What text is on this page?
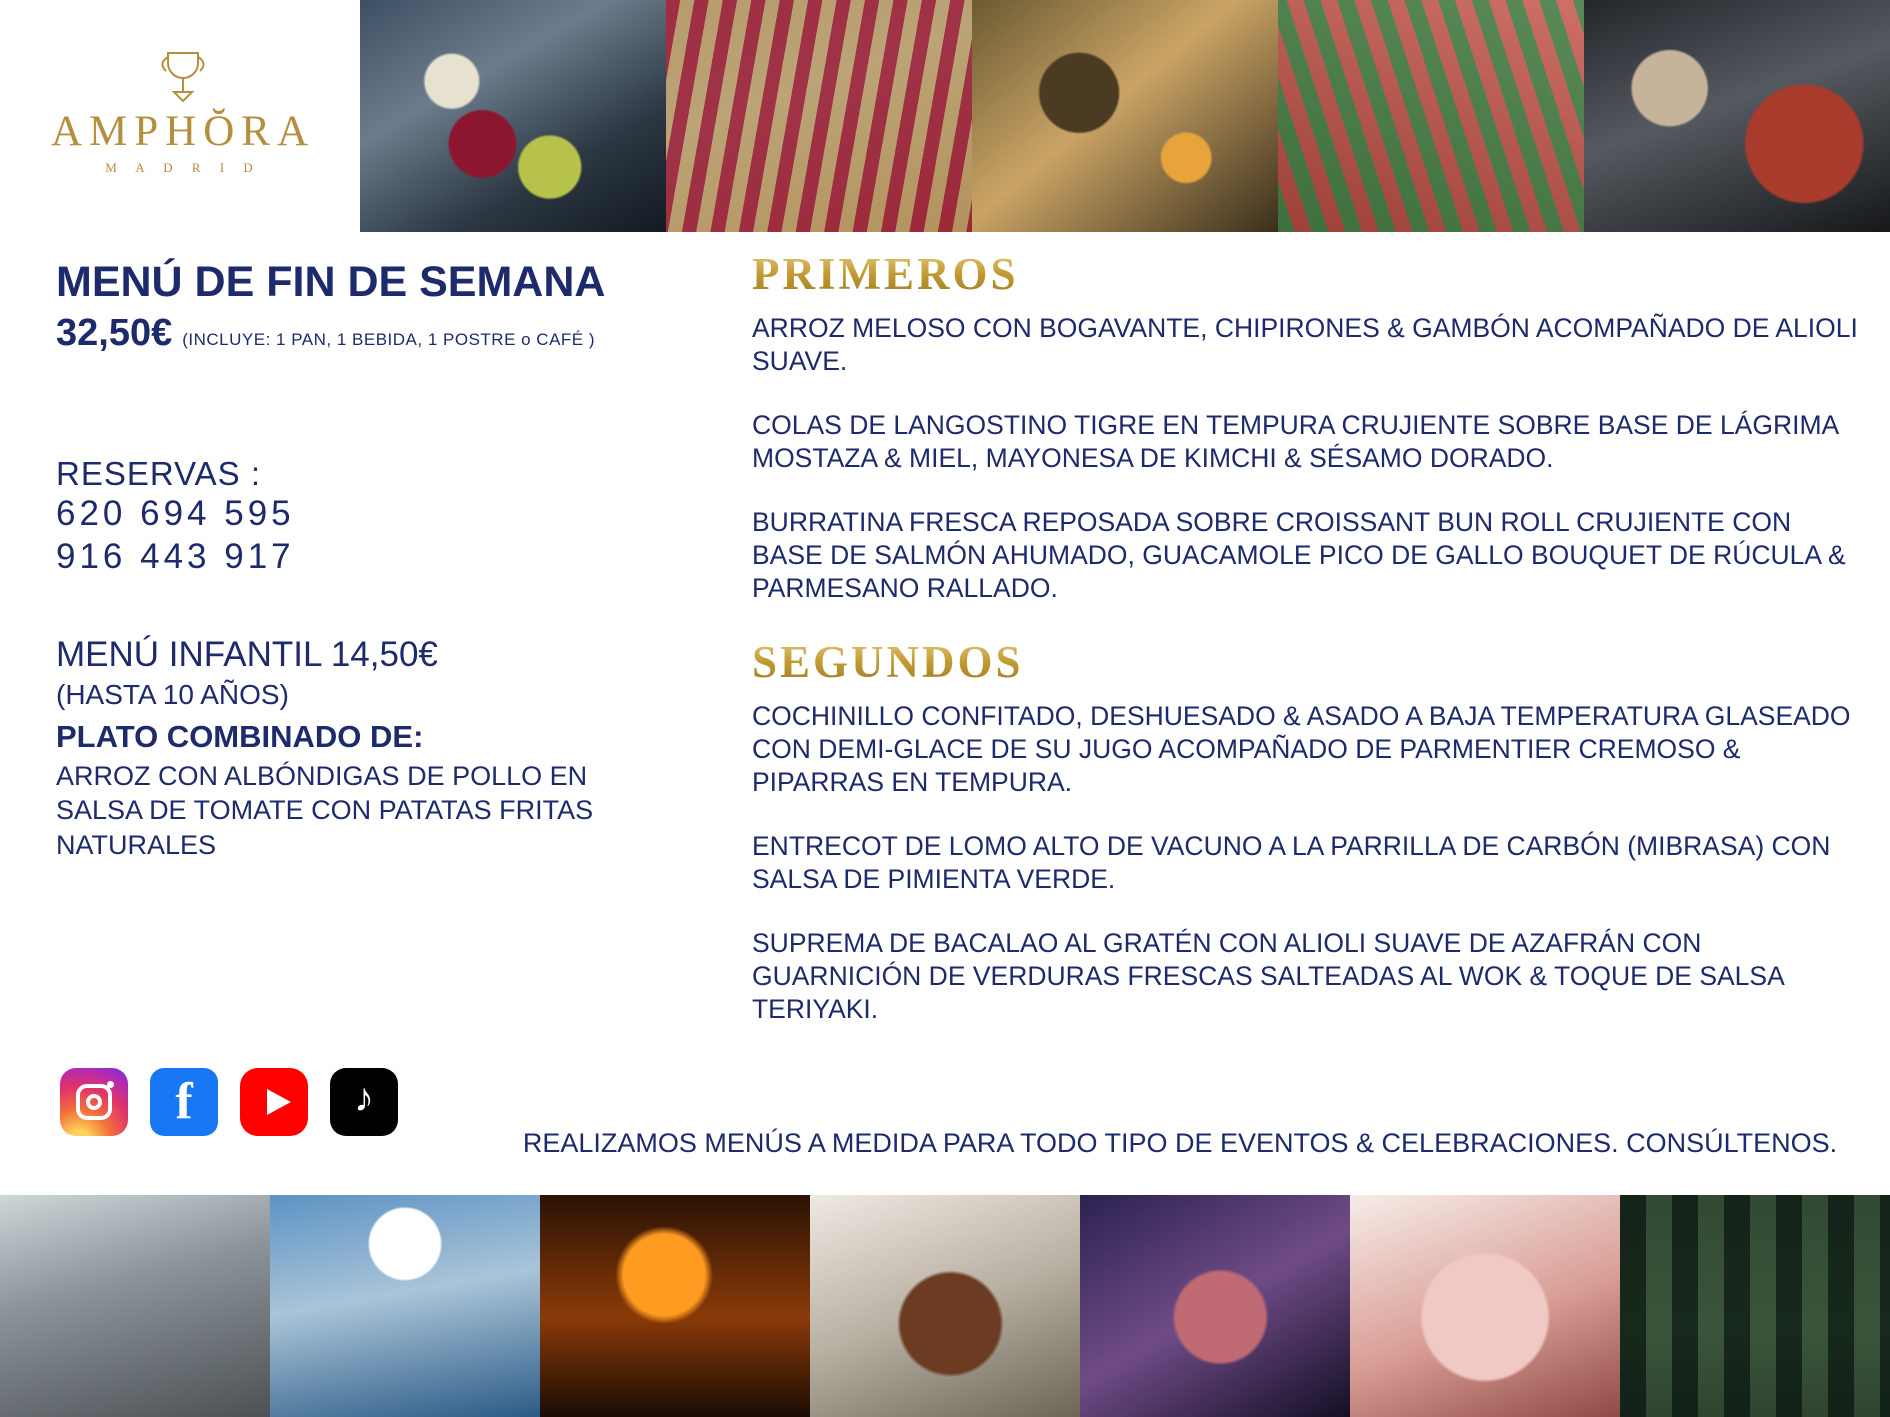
AMPHŎRA
M A D R I D
MENÚ DE FIN DE SEMANA
32,50€ (INCLUYE: 1 PAN, 1 BEBIDA, 1 POSTRE o CAFÉ )
RESERVAS :
620 694 595
916 443 917
MENÚ INFANTIL 14,50€
(HASTA 10 AÑOS)
PLATO COMBINADO DE:
ARROZ CON ALBÓNDIGAS DE POLLO EN SALSA DE TOMATE CON PATATAS FRITAS NATURALES
f	♪
PRIMEROS

ARROZ MELOSO CON BOGAVANTE, CHIPIRONES & GAMBÓN ACOMPAÑADO DE ALIOLI SUAVE.

COLAS DE LANGOSTINO TIGRE EN TEMPURA CRUJIENTE SOBRE BASE DE LÁGRIMA MOSTAZA & MIEL, MAYONESA DE KIMCHI & SÉSAMO DORADO.

BURRATINA FRESCA REPOSADA SOBRE CROISSANT BUN ROLL CRUJIENTE CON BASE DE SALMÓN AHUMADO, GUACAMOLE PICO DE GALLO BOUQUET DE RÚCULA & PARMESANO RALLADO.

SEGUNDOS

COCHINILLO CONFITADO, DESHUESADO & ASADO A BAJA TEMPERATURA GLASEADO CON DEMI-GLACE DE SU JUGO ACOMPAÑADO DE PARMENTIER CREMOSO & PIPARRAS EN TEMPURA.

ENTRECOT DE LOMO ALTO DE VACUNO A LA PARRILLA DE CARBÓN (MIBRASA) CON SALSA DE PIMIENTA VERDE.

SUPREMA DE BACALAO AL GRATÉN CON ALIOLI SUAVE DE AZAFRÁN CON GUARNICIÓN DE VERDURAS FRESCAS SALTEADAS AL WOK & TOQUE DE SALSA TERIYAKI.

REALIZAMOS MENÚS A MEDIDA PARA TODO TIPO DE EVENTOS & CELEBRACIONES. CONSÚLTENOS.
